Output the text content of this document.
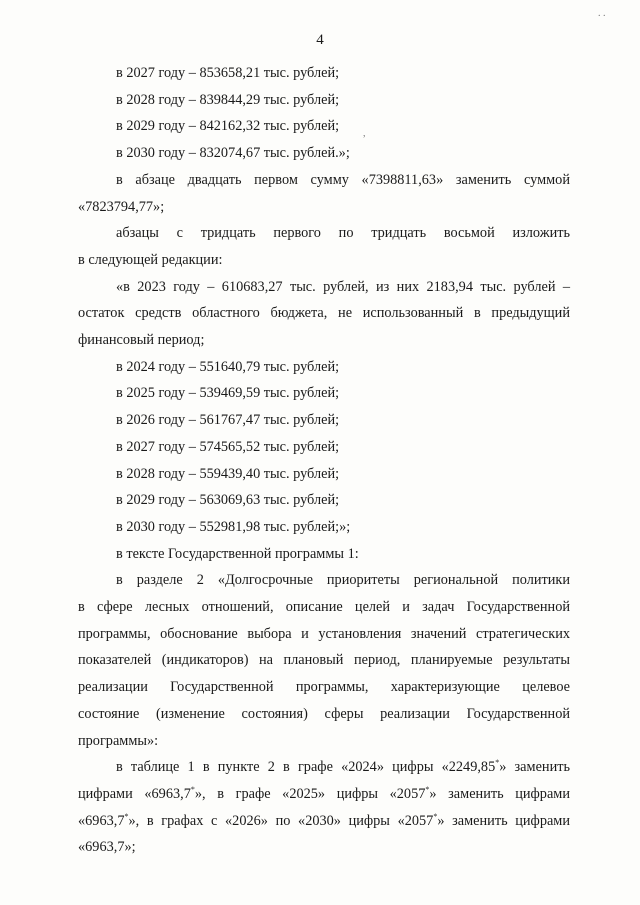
4
. .
,
в 2027 году – 853658,21 тыс. рублей;
в 2028 году – 839844,29 тыс. рублей;
в 2029 году – 842162,32 тыс. рублей;
в 2030 году – 832074,67 тыс. рублей.»;
в абзаце двадцать первом сумму «7398811,63» заменить суммой
«7823794,77»;
абзацы с тридцать первого по тридцать восьмой изложить
в следующей редакции:
«в 2023 году – 610683,27 тыс. рублей, из них 2183,94 тыс. рублей –
остаток средств областного бюджета, не использованный в предыдущий
финансовый период;
в 2024 году – 551640,79 тыс. рублей;
в 2025 году – 539469,59 тыс. рублей;
в 2026 году – 561767,47 тыс. рублей;
в 2027 году – 574565,52 тыс. рублей;
в 2028 году – 559439,40 тыс. рублей;
в 2029 году – 563069,63 тыс. рублей;
в 2030 году – 552981,98 тыс. рублей;»;
в тексте Государственной программы 1:
в разделе 2 «Долгосрочные приоритеты региональной политики
в сфере лесных отношений, описание целей и задач Государственной
программы, обоснование выбора и установления значений стратегических
показателей (индикаторов) на плановый период, планируемые результаты
реализации Государственной программы, характеризующие целевое
состояние (изменение состояния) сферы реализации Государственной
программы»:
в таблице 1 в пункте 2 в графе «2024» цифры «2249,85*» заменить
цифрами «6963,7*», в графе «2025» цифры «2057*» заменить цифрами
«6963,7*», в графах с «2026» по «2030» цифры «2057*» заменить цифрами
«6963,7»;
